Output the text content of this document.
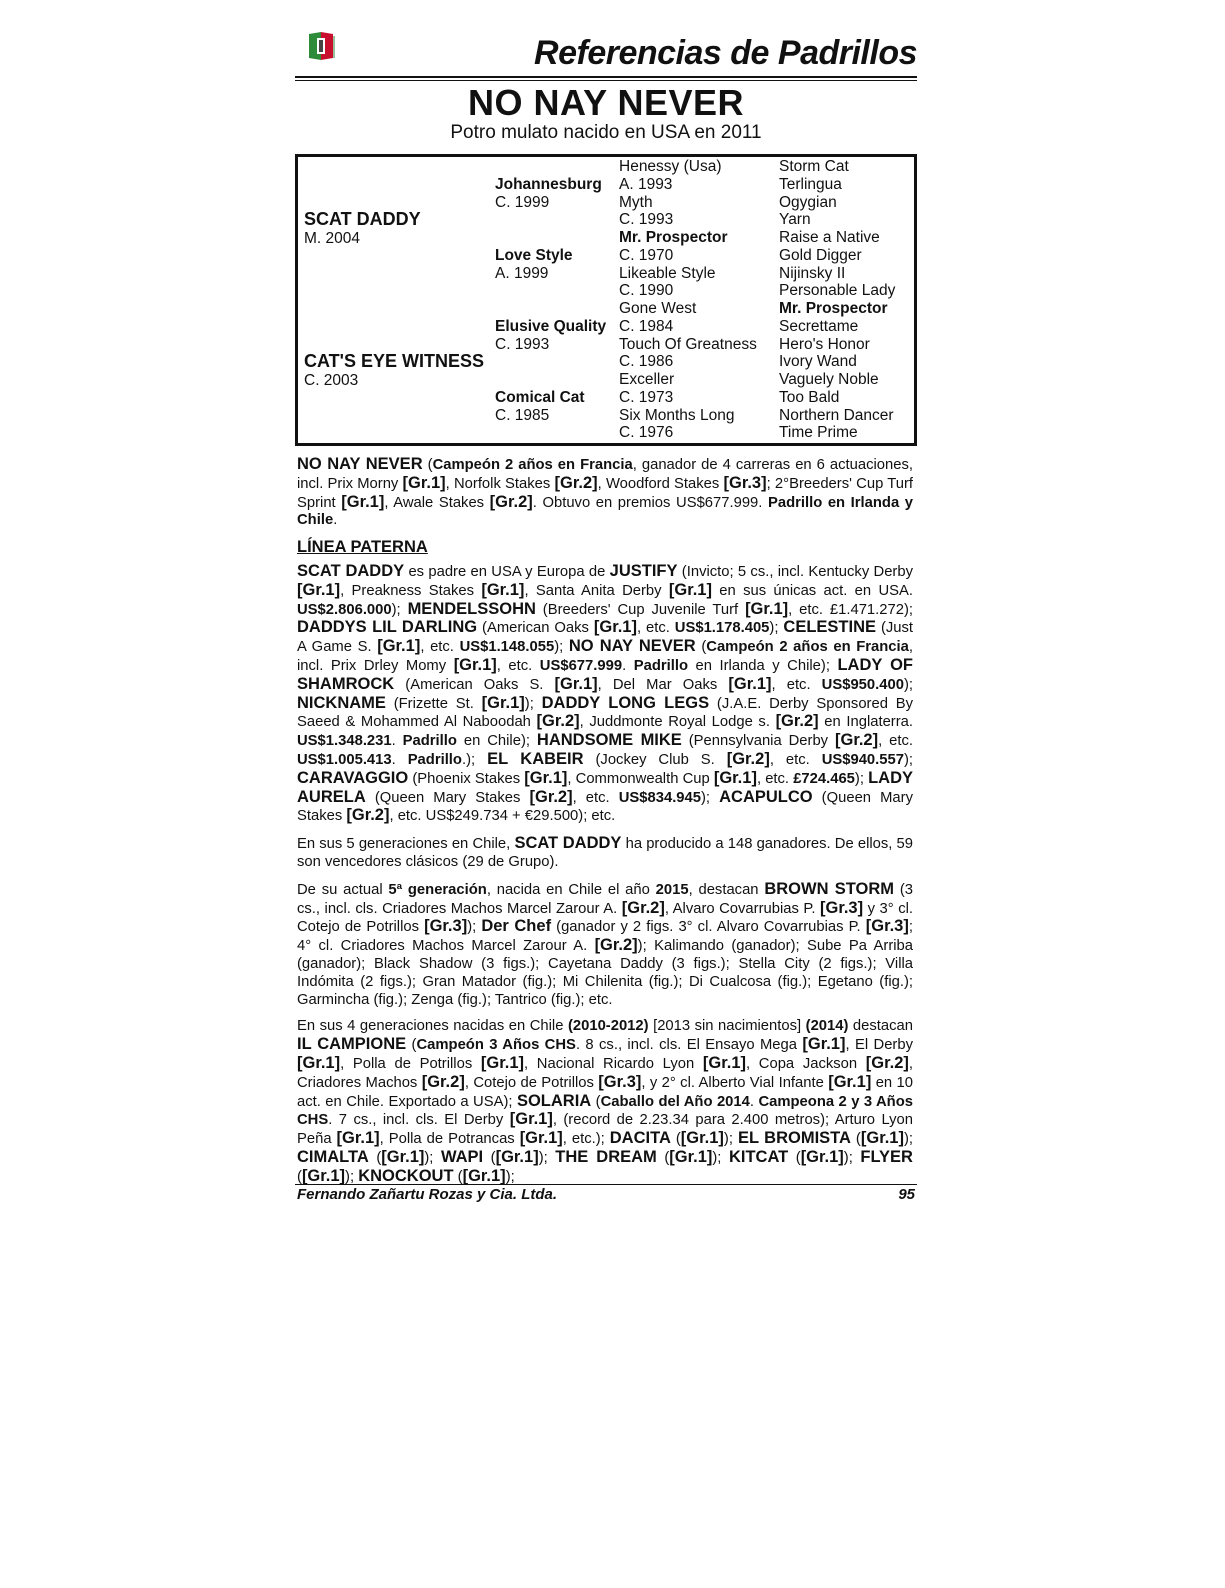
Referencias de Padrillos
NO NAY NEVER
Potro mulato nacido en USA en 2011
SCAT DADDY
M. 2004
CAT'S EYE WITNESS
C. 2003
Johannesburg
C. 1999
Love Style
A. 1999
Elusive Quality
C. 1993
Comical Cat
C. 1985
Henessy (Usa)
A. 1993
Myth
C. 1993
Mr. Prospector
C. 1970
Likeable Style
C. 1990
Gone West
C. 1984
Touch Of Greatness
C. 1986
Exceller
C. 1973
Six Months Long
C. 1976
Storm Cat
Terlingua
Ogygian
Yarn
Raise a Native
Gold Digger
Nijinsky II
Personable Lady
Mr. Prospector
Secrettame
Hero's Honor
Ivory Wand
Vaguely Noble
Too Bald
Northern Dancer
Time Prime

NO NAY NEVER (Campeón 2 años en Francia, ganador de 4 carreras en 6 actuaciones, incl. Prix Morny [Gr.1], Norfolk Stakes [Gr.2], Woodford Stakes [Gr.3]; 2°Breeders' Cup Turf Sprint [Gr.1], Awale Stakes [Gr.2]. Obtuvo en premios US$677.999. Padrillo en Irlanda y Chile.

LÍNEA PATERNA

SCAT DADDY es padre en USA y Europa de JUSTIFY (Invicto; 5 cs., incl. Kentucky Derby [Gr.1], Preakness Stakes [Gr.1], Santa Anita Derby [Gr.1] en sus únicas act. en USA. US$2.806.000); MENDELSSOHN (Breeders' Cup Juvenile Turf [Gr.1], etc. £1.471.272); DADDYS LIL DARLING (American Oaks [Gr.1], etc. US$1.178.405); CELESTINE (Just A Game S. [Gr.1], etc. US$1.148.055); NO NAY NEVER (Campeón 2 años en Francia, incl. Prix Drley Momy [Gr.1], etc. US$677.999. Padrillo en Irlanda y Chile); LADY OF SHAMROCK (American Oaks S. [Gr.1], Del Mar Oaks [Gr.1], etc. US$950.400); NICKNAME (Frizette St. [Gr.1]); DADDY LONG LEGS (J.A.E. Derby Sponsored By Saeed & Mohammed Al Naboodah [Gr.2], Juddmonte Royal Lodge s. [Gr.2] en Inglaterra. US$1.348.231. Padrillo en Chile); HANDSOME MIKE (Pennsylvania Derby [Gr.2], etc. US$1.005.413. Padrillo.); EL KABEIR (Jockey Club S. [Gr.2], etc. US$940.557); CARAVAGGIO (Phoenix Stakes [Gr.1], Commonwealth Cup [Gr.1], etc. £724.465); LADY AURELA (Queen Mary Stakes [Gr.2], etc. US$834.945); ACAPULCO (Queen Mary Stakes [Gr.2], etc. US$249.734 + €29.500); etc.

En sus 5 generaciones en Chile, SCAT DADDY ha producido a 148 ganadores. De ellos, 59 son vencedores clásicos (29 de Grupo).

De su actual 5ª generación, nacida en Chile el año 2015, destacan BROWN STORM (3 cs., incl. cls. Criadores Machos Marcel Zarour A. [Gr.2], Alvaro Covarrubias P. [Gr.3] y 3° cl. Cotejo de Potrillos [Gr.3]); Der Chef (ganador y 2 figs. 3° cl. Alvaro Covarrubias P. [Gr.3]; 4° cl. Criadores Machos Marcel Zarour A. [Gr.2]); Kalimando (ganador); Sube Pa Arriba (ganador); Black Shadow (3 figs.); Cayetana Daddy (3 figs.); Stella City (2 figs.); Villa Indómita (2 figs.); Gran Matador (fig.); Mi Chilenita (fig.); Di Cualcosa (fig.); Egetano (fig.); Garmincha (fig.); Zenga (fig.); Tantrico (fig.); etc.

En sus 4 generaciones nacidas en Chile (2010-2012) [2013 sin nacimientos] (2014) destacan IL CAMPIONE (Campeón 3 Años CHS. 8 cs., incl. cls. El Ensayo Mega [Gr.1], El Derby [Gr.1], Polla de Potrillos [Gr.1], Nacional Ricardo Lyon [Gr.1], Copa Jackson [Gr.2], Criadores Machos [Gr.2], Cotejo de Potrillos [Gr.3], y 2° cl. Alberto Vial Infante [Gr.1] en 10 act. en Chile. Exportado a USA); SOLARIA (Caballo del Año 2014. Campeona 2 y 3 Años CHS. 7 cs., incl. cls. El Derby [Gr.1], (record de 2.23.34 para 2.400 metros); Arturo Lyon Peña [Gr.1], Polla de Potrancas [Gr.1], etc.); DACITA ([Gr.1]); EL BROMISTA ([Gr.1]); CIMALTA ([Gr.1]); WAPI ([Gr.1]); THE DREAM ([Gr.1]); KITCAT ([Gr.1]); FLYER ([Gr.1]); KNOCKOUT ([Gr.1]);

Fernando Zañartu Rozas y Cia. Ltda.	95
